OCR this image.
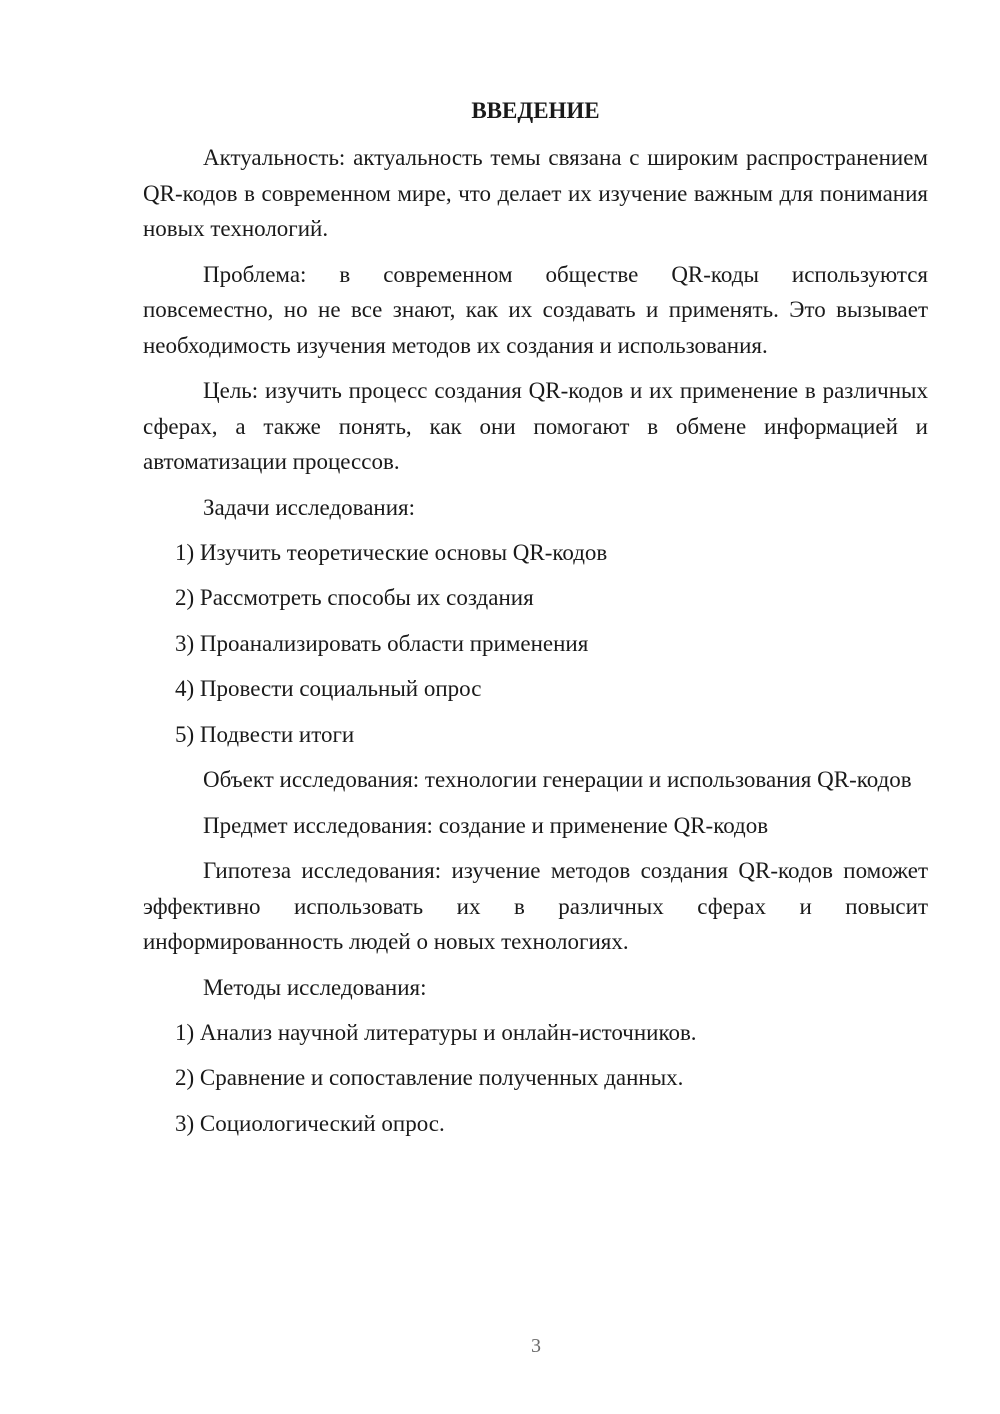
ВВЕДЕНИЕ

Актуальность: актуальность темы связана с широким распространением QR-кодов в современном мире, что делает их изучение важным для понимания новых технологий.

Проблема: в современном обществе QR-коды используются повсеместно, но не все знают, как их создавать и применять. Это вызывает необходимость изучения методов их создания и использования.

Цель: изучить процесс создания QR-кодов и их применение в различных сферах, а также понять, как они помогают в обмене информацией и автоматизации процессов.

Задачи исследования:
1) Изучить теоретические основы QR-кодов
2) Рассмотреть способы их создания
3) Проанализировать области применения
4) Провести социальный опрос
5) Подвести итоги

Объект исследования: технологии генерации и использования QR-кодов

Предмет исследования: создание и применение QR-кодов

Гипотеза исследования: изучение методов создания QR-кодов поможет эффективно использовать их в различных сферах и повысит информированность людей о новых технологиях.

Методы исследования:
1) Анализ научной литературы и онлайн-источников.
2) Сравнение и сопоставление полученных данных.
3) Социологический опрос.
3
